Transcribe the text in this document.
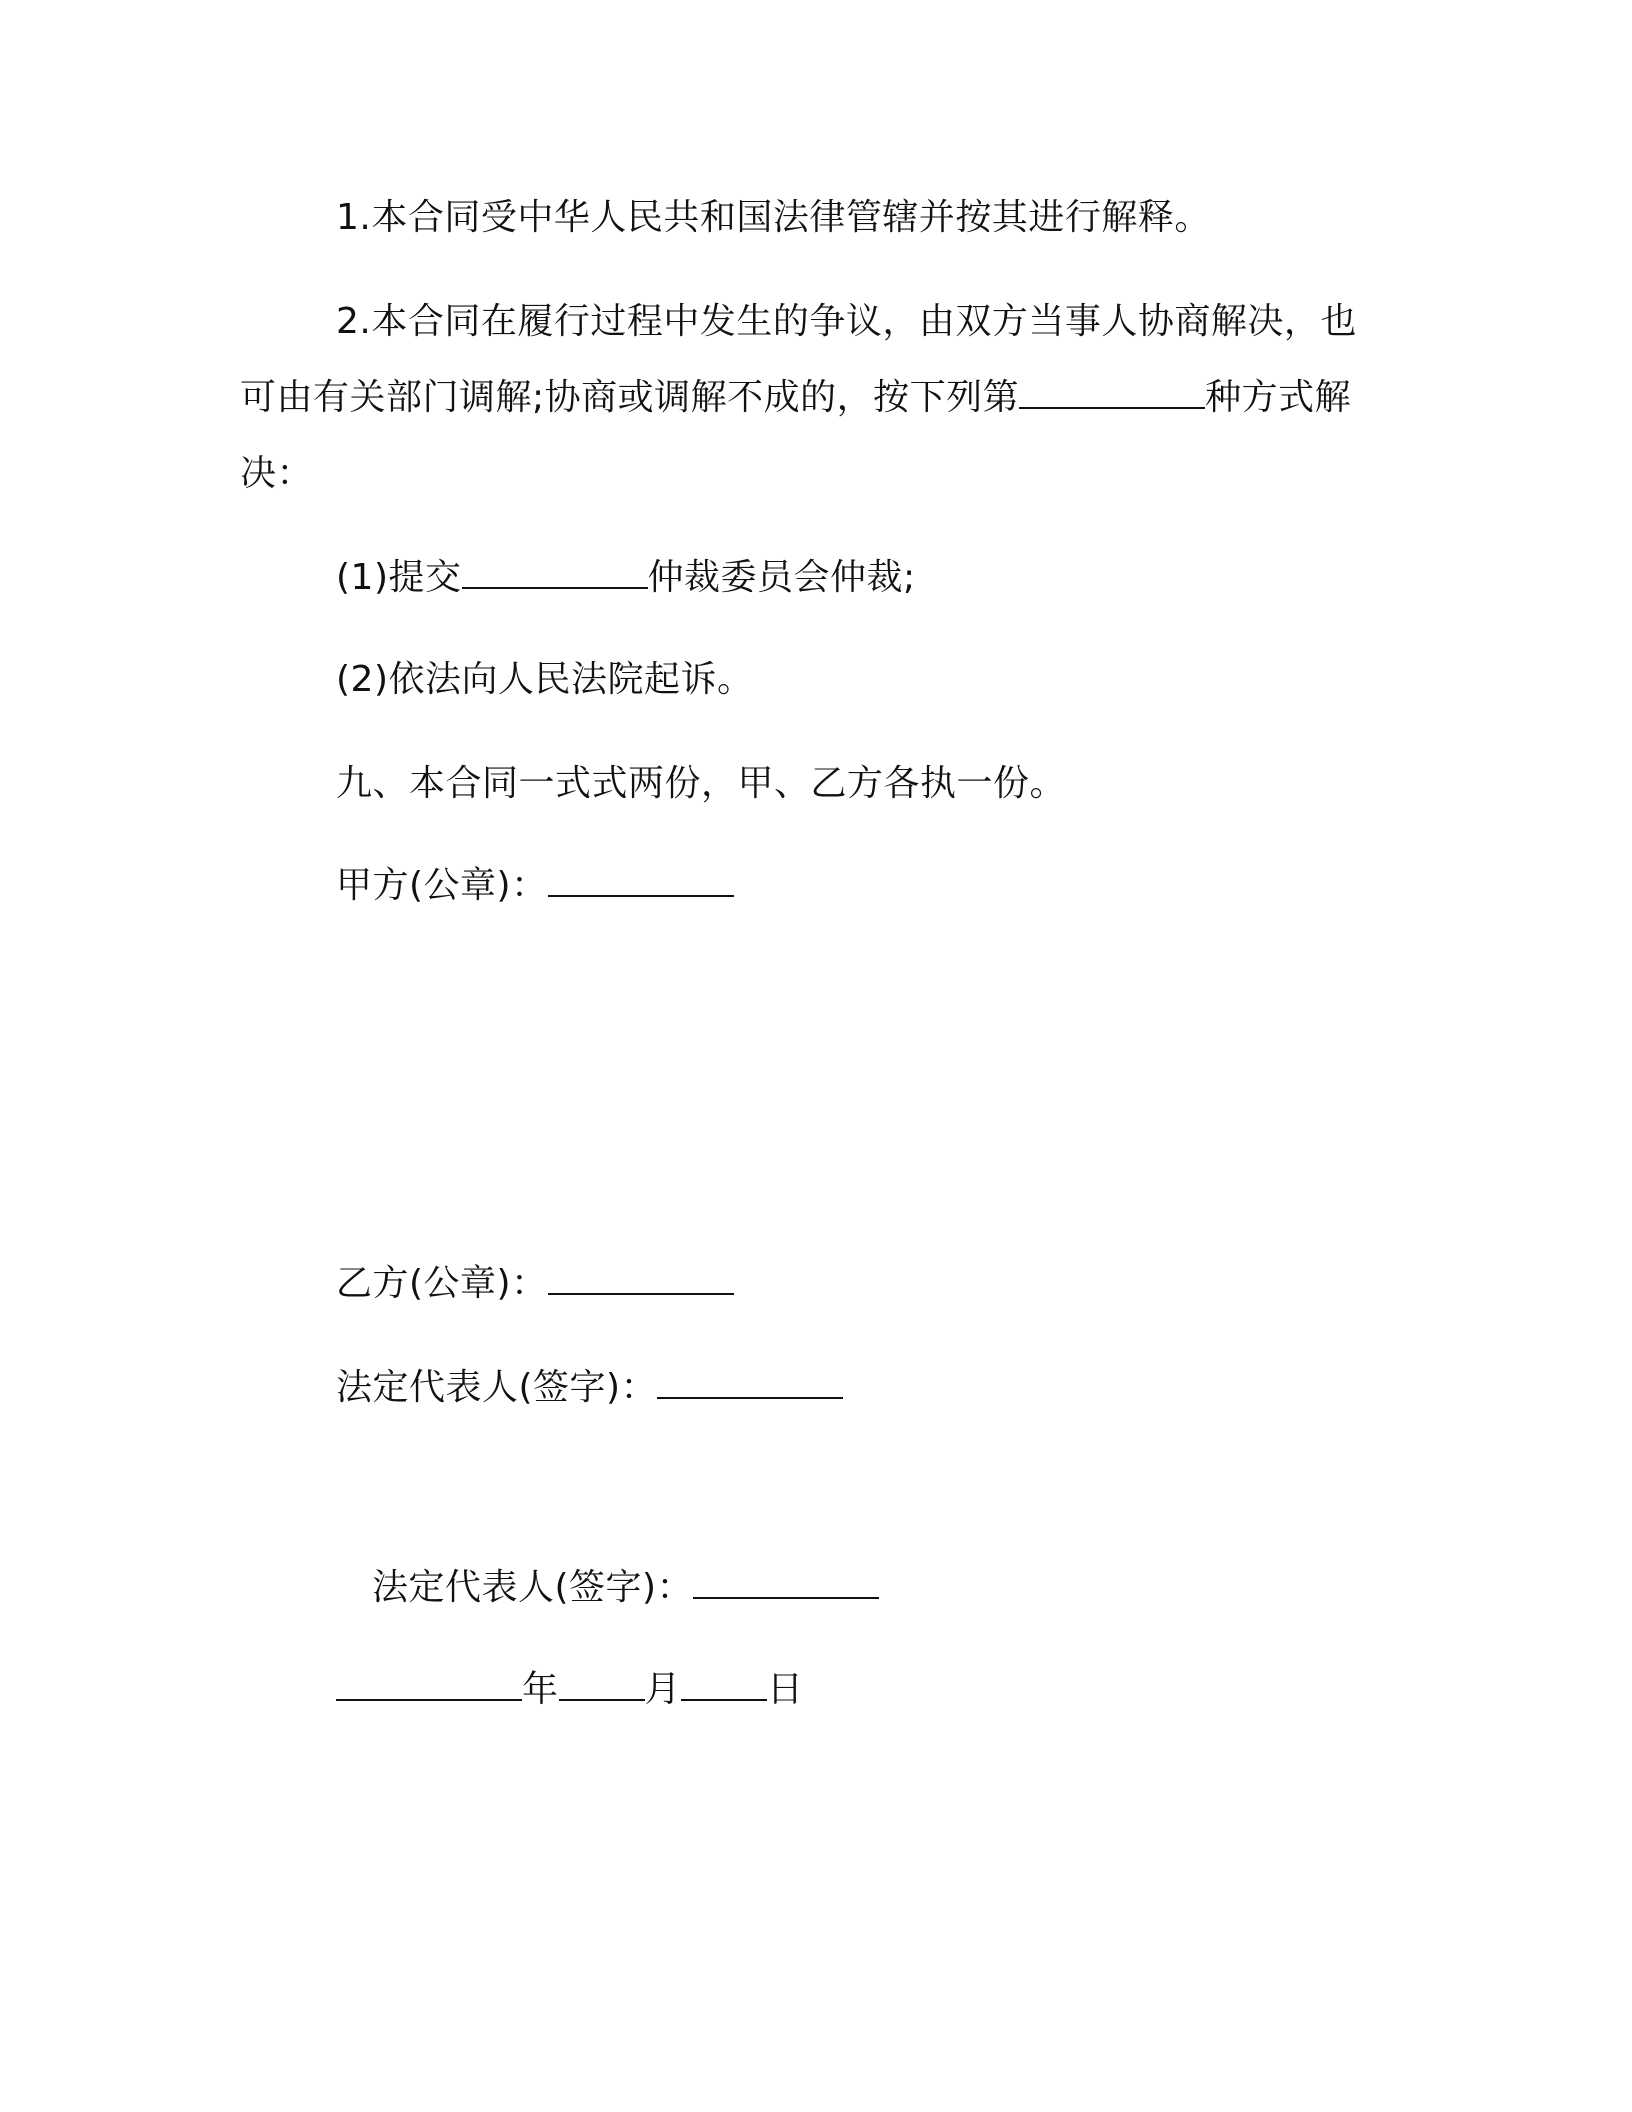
1.本合同受中华人民共和国法律管辖并按其进行解释。
2.本合同在履行过程中发生的争议，由双方当事人协商解决，也
可由有关部门调解;协商或调解不成的，按下列第	种方式解
决：
(1)提交	仲裁委员会仲裁;
(2)依法向人民法院起诉。
九、本合同一式式两份，甲、乙方各执一份。
甲方(公章)：
乙方(公章)：
法定代表人(签字)：
法定代表人(签字)：
年 月 日
